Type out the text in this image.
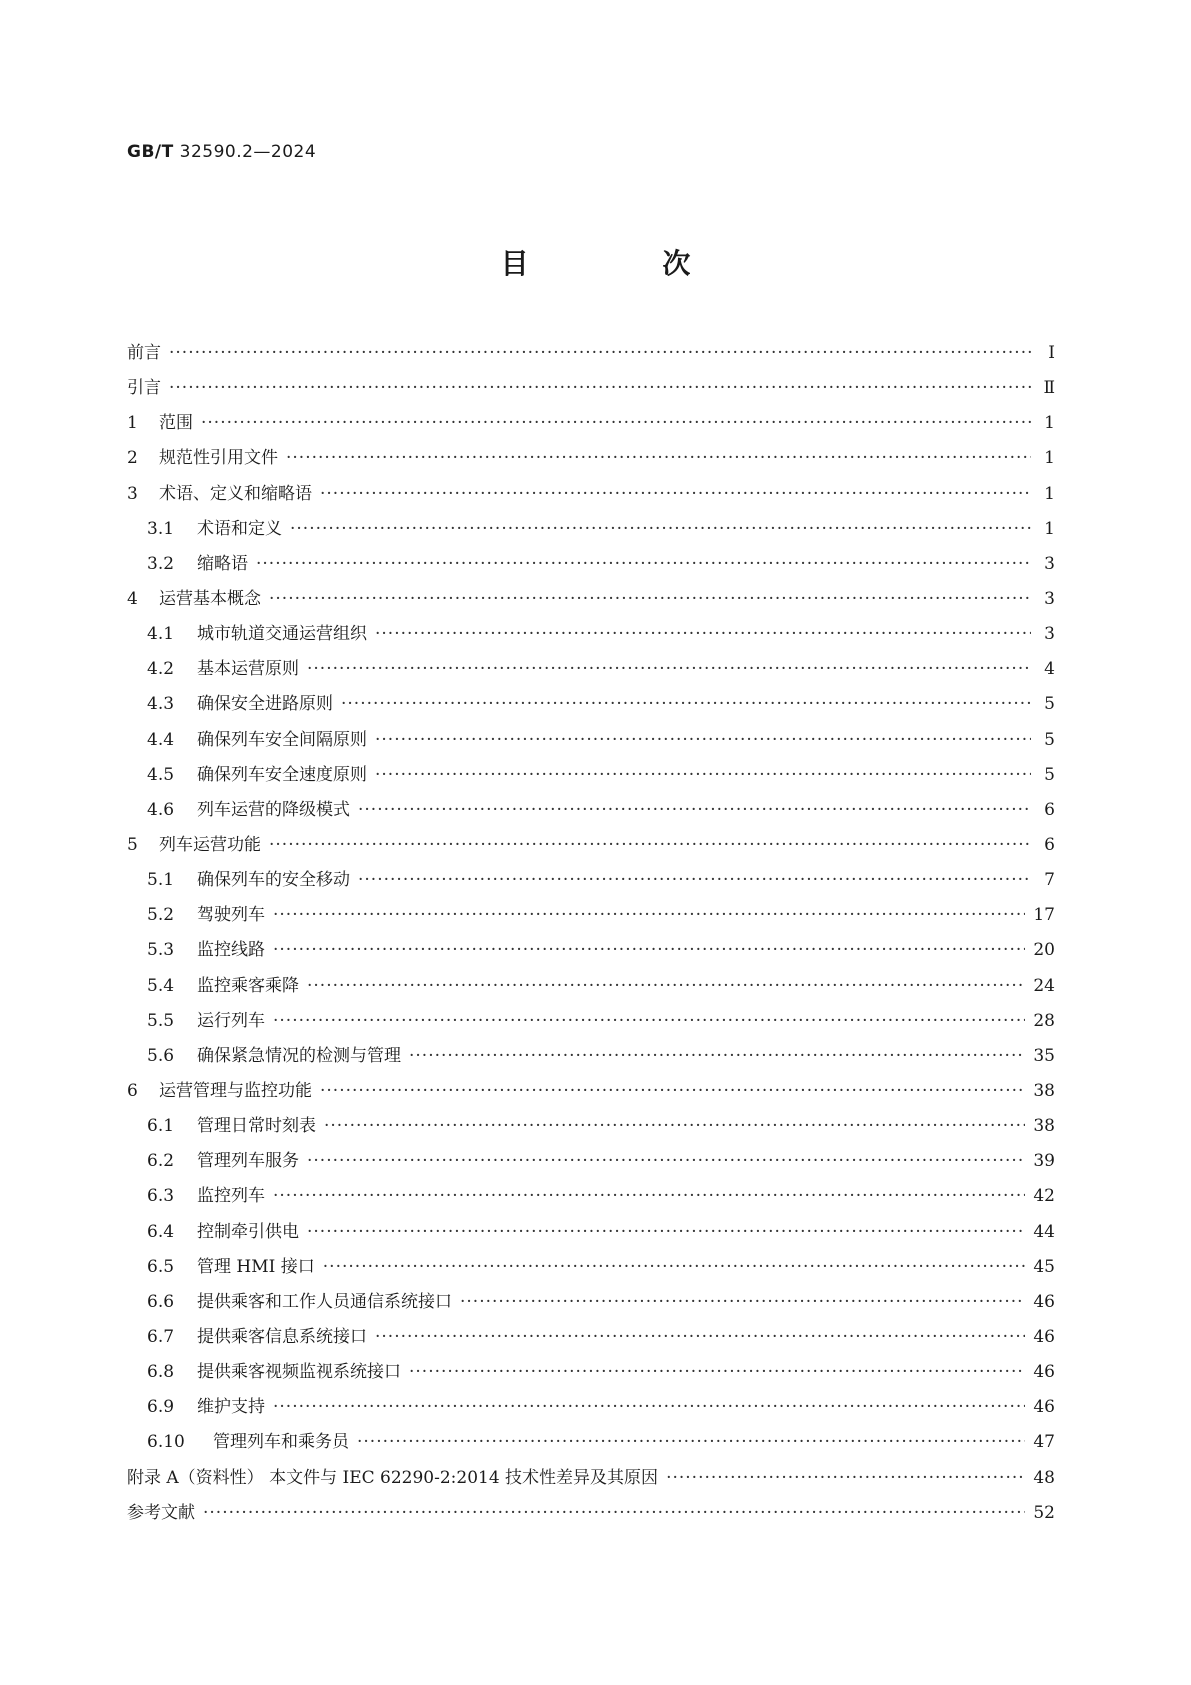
GB/T 32590.2—2024
目 次
前言 ·····	Ⅰ
引言 ·····	Ⅱ
1	范围 ·····	1
2	规范性引用文件 ·····	1
3	术语、定义和缩略语 ·····	1
3.1	术语和定义 ·····	1
3.2	缩略语 ·····	3
4	运营基本概念 ·····	3
4.1	城市轨道交通运营组织 ·····	3
4.2	基本运营原则 ·····	4
4.3	确保安全进路原则 ·····	5
4.4	确保列车安全间隔原则 ·····	5
4.5	确保列车安全速度原则 ·····	5
4.6	列车运营的降级模式 ·····	6
5	列车运营功能 ·····	6
5.1	确保列车的安全移动 ·····	7
5.2	驾驶列车 ·····	17
5.3	监控线路 ·····	20
5.4	监控乘客乘降 ·····	24
5.5	运行列车 ·····	28
5.6	确保紧急情况的检测与管理 ·····	35
6	运营管理与监控功能 ·····	38
6.1	管理日常时刻表 ·····	38
6.2	管理列车服务 ·····	39
6.3	监控列车 ·····	42
6.4	控制牵引供电 ·····	44
6.5	管理 HMI 接口 ·····	45
6.6	提供乘客和工作人员通信系统接口 ·····	46
6.7	提供乘客信息系统接口 ·····	46
6.8	提供乘客视频监视系统接口 ·····	46
6.9	维护支持 ·····	46
6.10	管理列车和乘务员 ·····	47
附录 A（资料性） 本文件与 IEC 62290-2:2014 技术性差异及其原因 ·····	48
参考文献 ·····	52
